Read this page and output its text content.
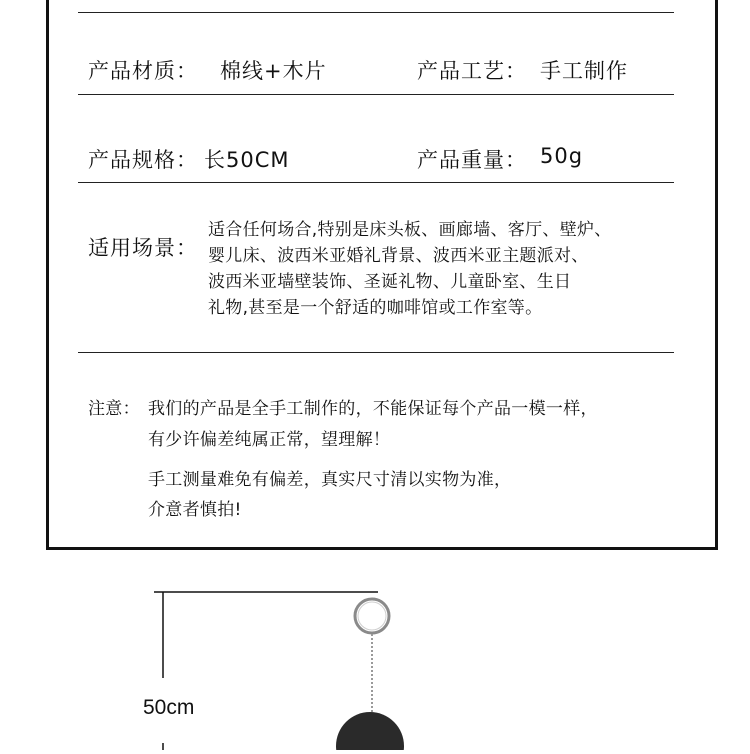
产品材质： 棉线+木片	产品工艺： 手工制作
产品规格： 长50CM	产品重量： 50g
适用场景：
适合任何场合,特别是床头板、画廊墙、客厅、壁炉、
婴儿床、波西米亚婚礼背景、波西米亚主题派对、
波西米亚墙壁装饰、圣诞礼物、儿童卧室、生日
礼物,甚至是一个舒适的咖啡馆或工作室等。
注意： 我们的产品是全手工制作的，不能保证每个产品一模一样，
有少许偏差纯属正常，望理解！
手工测量难免有偏差，真实尺寸清以实物为准，
介意者慎拍!
50cm
